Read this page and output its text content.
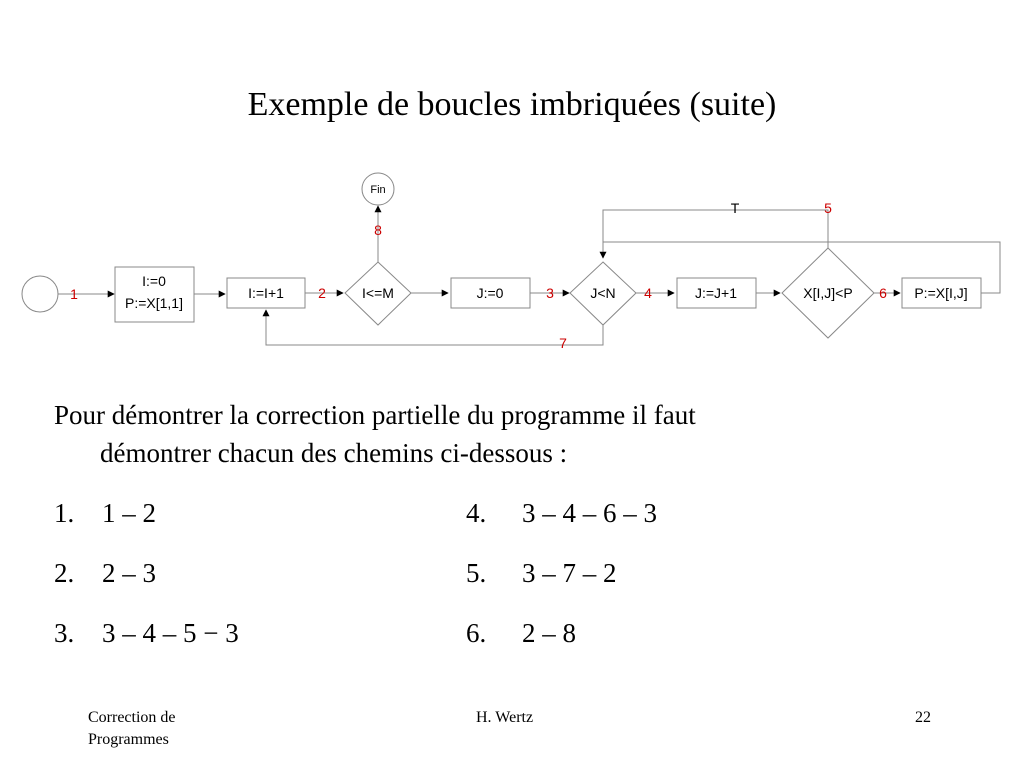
Exemple de boucles imbriquées (suite)
1
I:=0
P:=X[1,1]
I:=I+1 2	I<=M
8
Fin
J:=0	3	J<N 4	J:=J+1	X[I,J]<P 6 P:=X[I,J]
T	5
7
Pour démontrer la correction partielle du programme il faut
démontrer chacun des chemins ci-dessous :
1. 1 – 2
2. 2 – 3
3. 3 – 4 – 5 − 3
4. 3 – 4 – 6 – 3
5. 3 – 7 – 2
6. 2 – 8
Correction de
Programmes
H. Wertz	22
